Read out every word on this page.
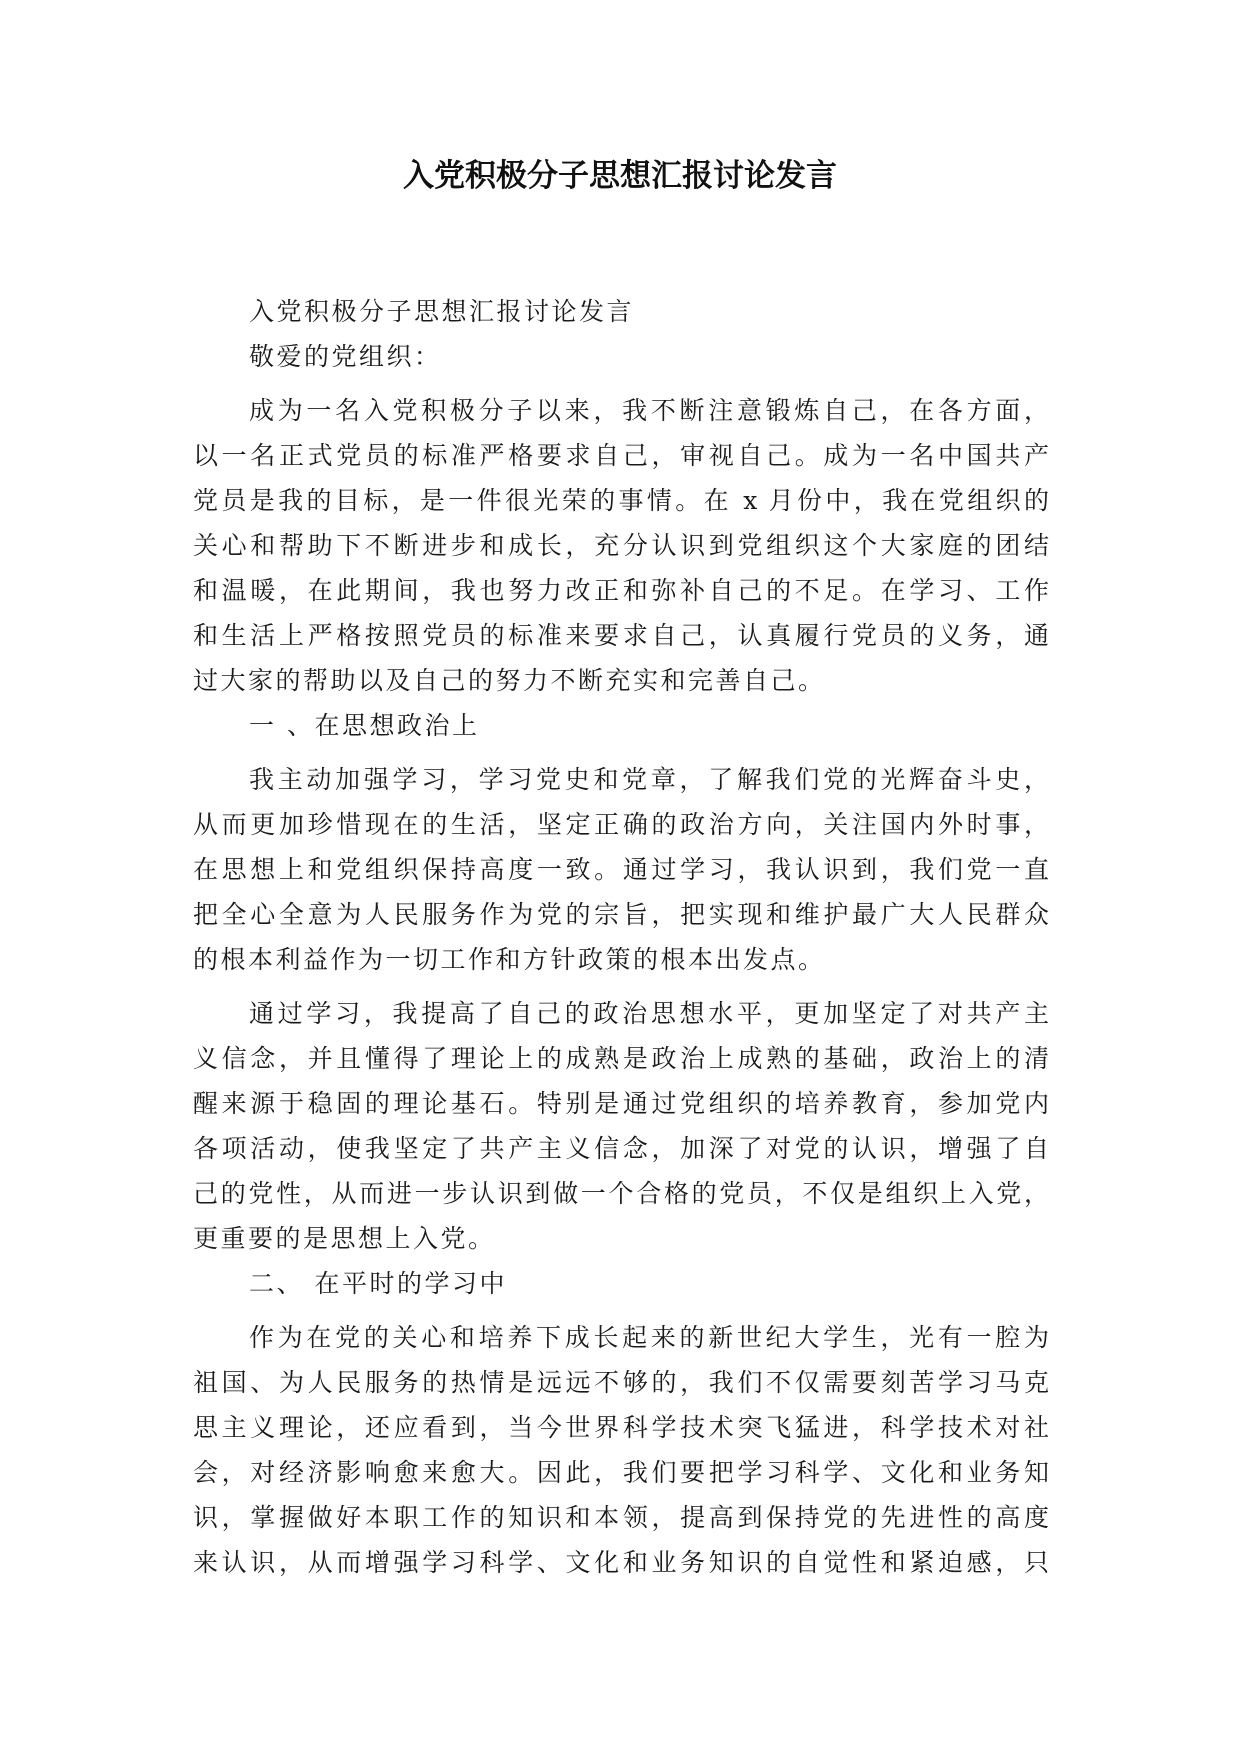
入党积极分子思想汇报讨论发言
入党积极分子思想汇报讨论发言
敬爱的党组织：
成为一名入党积极分子以来，我不断注意锻炼自己，在各方面，
以一名正式党员的标准严格要求自己，审视自己。成为一名中国共产
党员是我的目标，是一件很光荣的事情。在 x 月份中，我在党组织的
关心和帮助下不断进步和成长，充分认识到党组织这个大家庭的团结
和温暖，在此期间，我也努力改正和弥补自己的不足。在学习、工作
和生活上严格按照党员的标准来要求自己，认真履行党员的义务，通
过大家的帮助以及自己的努力不断充实和完善自己。
一 、在思想政治上
我主动加强学习，学习党史和党章，了解我们党的光辉奋斗史，
从而更加珍惜现在的生活，坚定正确的政治方向，关注国内外时事，
在思想上和党组织保持高度一致。通过学习，我认识到，我们党一直
把全心全意为人民服务作为党的宗旨，把实现和维护最广大人民群众
的根本利益作为一切工作和方针政策的根本出发点。
通过学习，我提高了自己的政治思想水平，更加坚定了对共产主
义信念，并且懂得了理论上的成熟是政治上成熟的基础，政治上的清
醒来源于稳固的理论基石。特别是通过党组织的培养教育，参加党内
各项活动，使我坚定了共产主义信念，加深了对党的认识，增强了自
己的党性，从而进一步认识到做一个合格的党员，不仅是组织上入党，
更重要的是思想上入党。
二、 在平时的学习中
作为在党的关心和培养下成长起来的新世纪大学生，光有一腔为
祖国、为人民服务的热情是远远不够的，我们不仅需要刻苦学习马克
思主义理论，还应看到，当今世界科学技术突飞猛进，科学技术对社
会，对经济影响愈来愈大。因此，我们要把学习科学、文化和业务知
识，掌握做好本职工作的知识和本领，提高到保持党的先进性的高度
来认识，从而增强学习科学、文化和业务知识的自觉性和紧迫感，只
